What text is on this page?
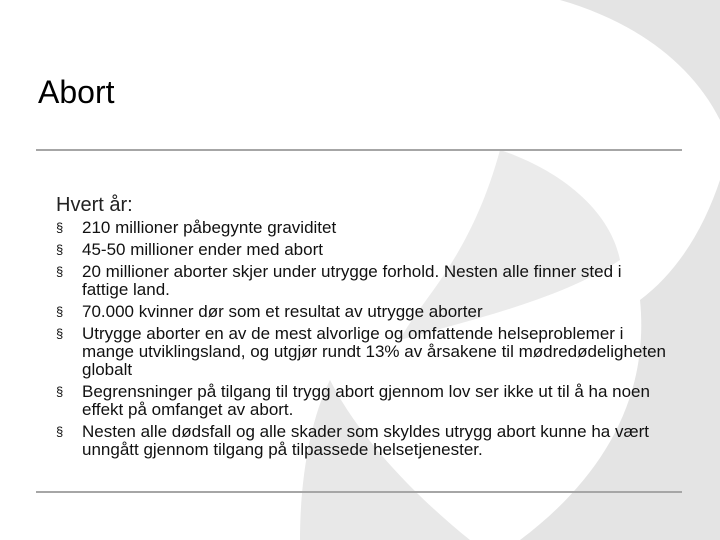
Abort
Hvert år:
§ 210 millioner påbegynte graviditet
§ 45-50 millioner ender med abort
§ 20 millioner aborter skjer under utrygge forhold. Nesten alle finner sted i fattige land.
§ 70.000 kvinner dør som et resultat av utrygge aborter
§ Utrygge aborter en av de mest alvorlige og omfattende helseproblemer i mange utviklingsland, og utgjør rundt 13% av årsakene til mødredødeligheten globalt
§ Begrensninger på tilgang til trygg abort gjennom lov ser ikke ut til å ha noen effekt på omfanget av abort.
§ Nesten alle dødsfall og alle skader som skyldes utrygg abort kunne ha vært unngått gjennom tilgang på tilpassede helsetjenester.
